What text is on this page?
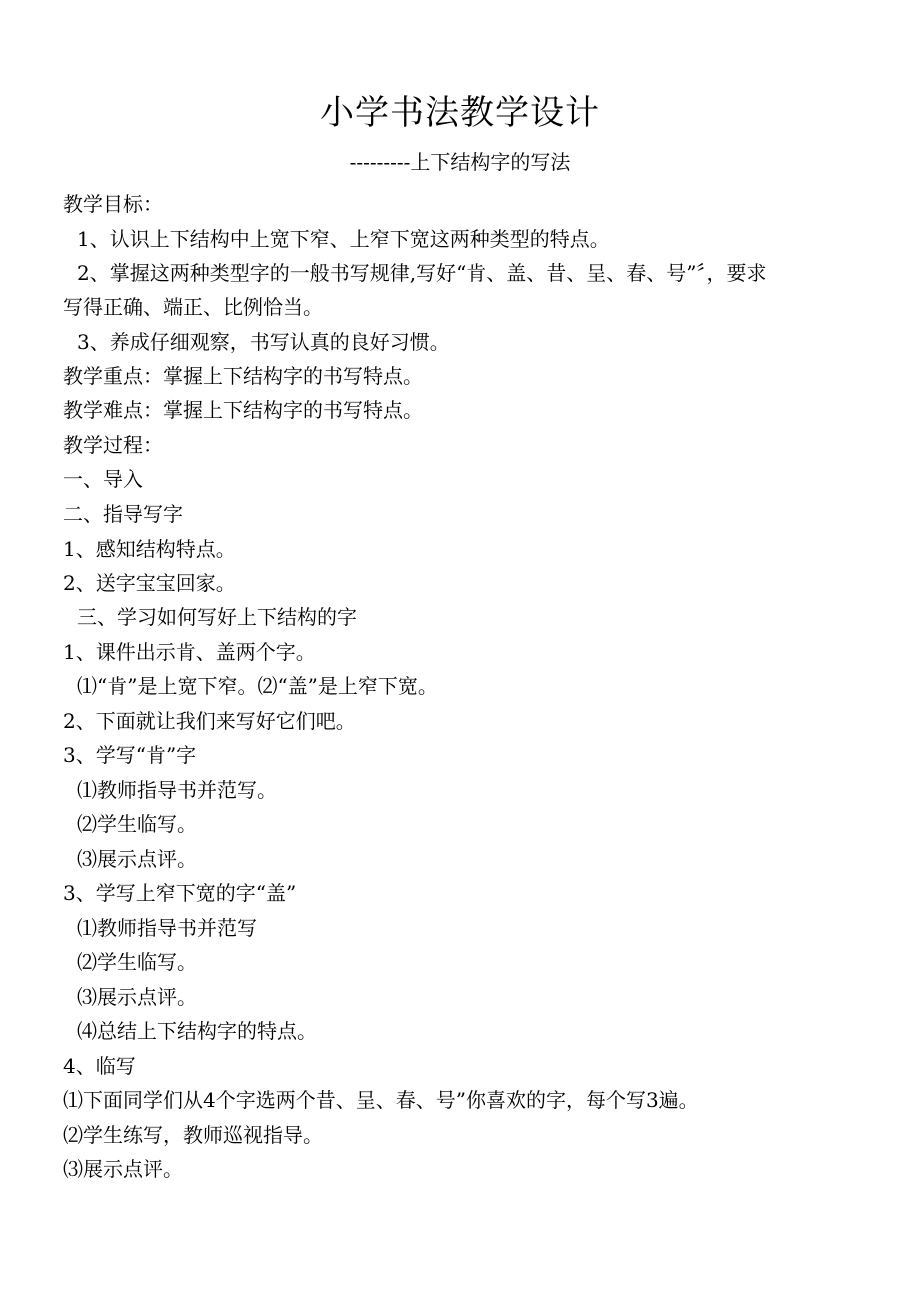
小学书法教学设计
---------上下结构字的写法
教学目标：
1、认识上下结构中上宽下窄、上窄下宽这两种类型的特点。
2、掌握这两种类型字的一般书写规律,写好“肯、盖、昔、呈、春、号”〞，要求
写得正确、端正、比例恰当。
3、养成仔细观察，书写认真的良好习惯。
教学重点：掌握上下结构字的书写特点。
教学难点：掌握上下结构字的书写特点。
教学过程：
一、导入
二、指导写字
1、感知结构特点。
2、送字宝宝回家。
三、学习如何写好上下结构的字
1、课件出示肯、盖两个字。
⑴“肯”是上宽下窄。⑵“盖”是上窄下宽。
2、下面就让我们来写好它们吧。
3、学写“肯”字
⑴教师指导书并范写。
⑵学生临写。
⑶展示点评。
3、学写上窄下宽的字“盖”
⑴教师指导书并范写
⑵学生临写。
⑶展示点评。
⑷总结上下结构字的特点。
4、临写
⑴下面同学们从4个字选两个昔、呈、春、号”你喜欢的字，每个写3遍。
⑵学生练写，教师巡视指导。
⑶展示点评。
